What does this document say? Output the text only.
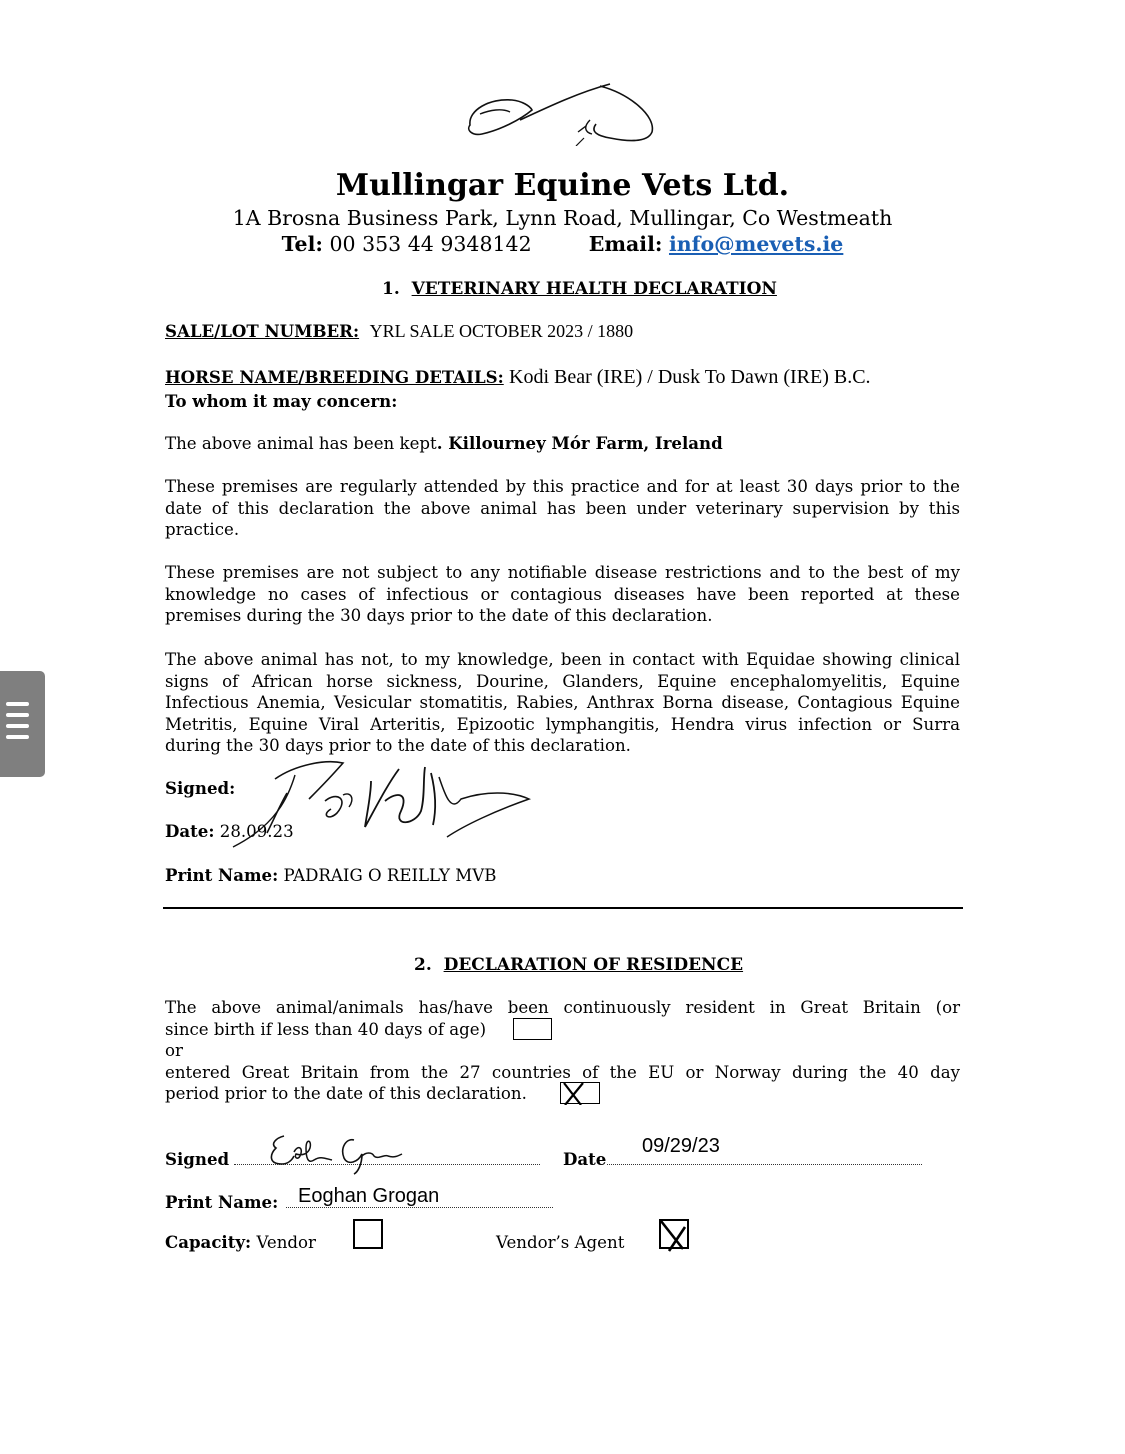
Mullingar Equine Vets Ltd.
1A Brosna Business Park, Lynn Road, Mullingar, Co Westmeath
Tel: 00 353 44 9348142	Email: info@mevets.ie
1. VETERINARY HEALTH DECLARATION
SALE/LOT NUMBER: YRL SALE OCTOBER 2023 / 1880
HORSE NAME/BREEDING DETAILS: Kodi Bear (IRE) / Dusk To Dawn (IRE) B.C.
To whom it may concern:
The above animal has been kept. Killourney Mór Farm, Ireland
These premises are regularly attended by this practice and for at least 30 days prior to the date of this declaration the above animal has been under veterinary supervision by this practice.
These premises are not subject to any notifiable disease restrictions and to the best of my knowledge no cases of infectious or contagious diseases have been reported at these premises during the 30 days prior to the date of this declaration.
The above animal has not, to my knowledge, been in contact with Equidae showing clinical signs of African horse sickness, Dourine, Glanders, Equine encephalomyelitis, Equine Infectious Anemia, Vesicular stomatitis, Rabies, Anthrax Borna disease, Contagious Equine Metritis, Equine Viral Arteritis, Epizootic lymphangitis, Hendra virus infection or Surra during the 30 days prior to the date of this declaration.
Signed:
Date: 28.09.23
Print Name: PADRAIG O REILLY MVB
2. DECLARATION OF RESIDENCE
The above animal/animals has/have been continuously resident in Great Britain (or
since birth if less than 40 days of age)
or
entered Great Britain from the 27 countries of the EU or Norway during the 40 day
period prior to the date of this declaration.
Signed	Date
09/29/23
Print Name: Eoghan Grogan
Capacity: Vendor	Vendor’s Agent
